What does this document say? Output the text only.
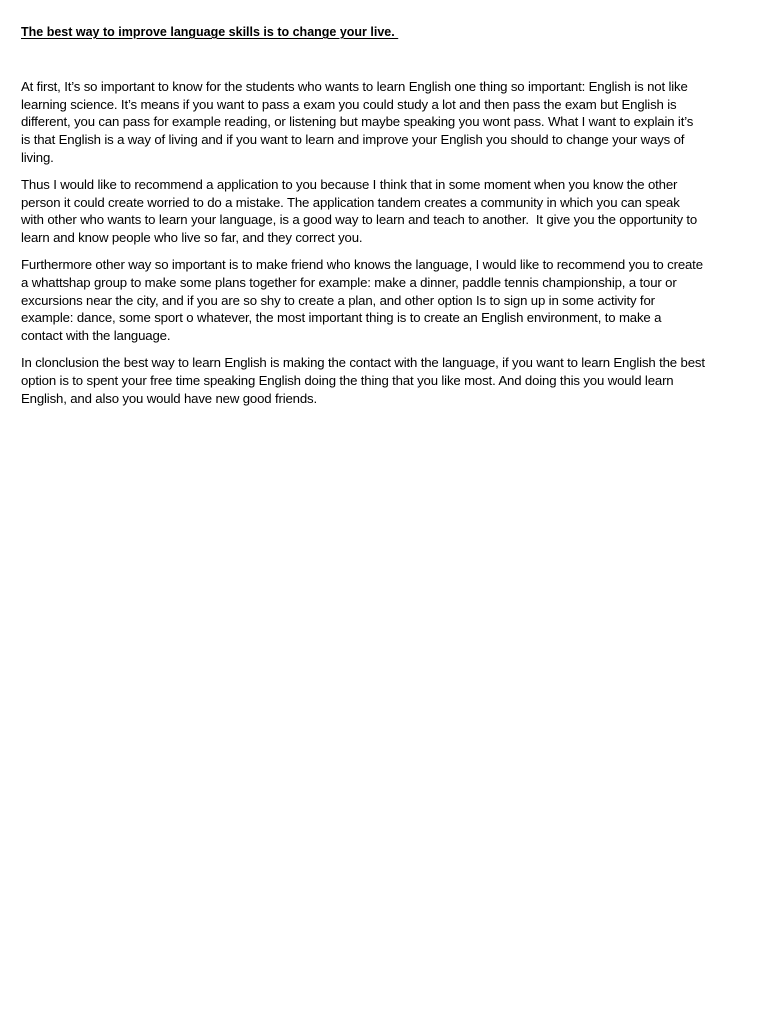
The best way to improve language skills is to change your live.

At first, It’s so important to know for the students who wants to learn English one thing so important: English is not like learning science. It’s means if you want to pass a exam you could study a lot and then pass the exam but English is different, you can pass for example reading, or listening but maybe speaking you wont pass. What I want to explain it’s is that English is a way of living and if you want to learn and improve your English you should to change your ways of living.

Thus I would like to recommend a application to you because I think that in some moment when you know the other person it could create worried to do a mistake. The application tandem creates a community in which you can speak with other who wants to learn your language, is a good way to learn and teach to another.  It give you the opportunity to learn and know people who live so far, and they correct you.

Furthermore other way so important is to make friend who knows the language, I would like to recommend you to create a whattshap group to make some plans together for example: make a dinner, paddle tennis championship, a tour or excursions near the city, and if you are so shy to create a plan, and other option Is to sign up in some activity for example: dance, some sport o whatever, the most important thing is to create an English environment, to make a contact with the language.

In clonclusion the best way to learn English is making the contact with the language, if you want to learn English the best option is to spent your free time speaking English doing the thing that you like most. And doing this you would learn English, and also you would have new good friends.
